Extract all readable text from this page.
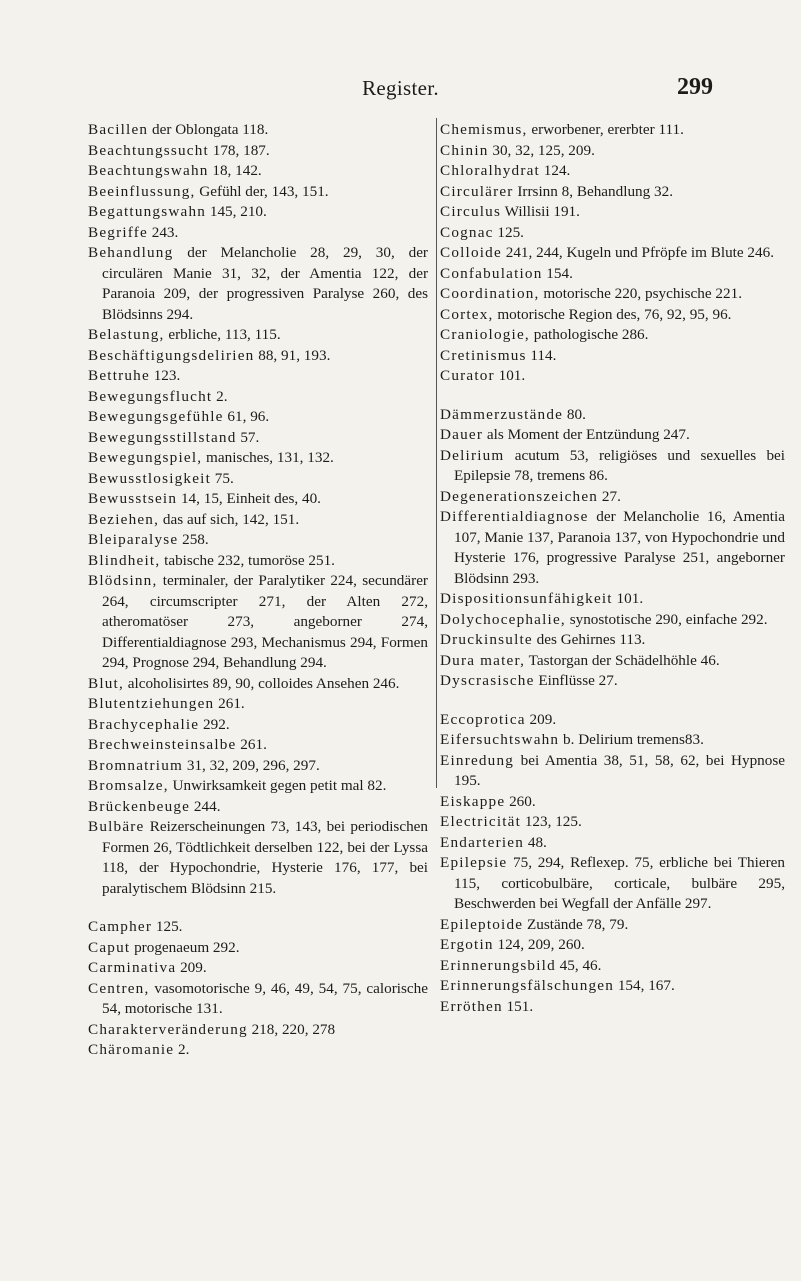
Register.	299

Bacillen der Oblongata 118.

Beachtungssucht 178, 187.

Beachtungswahn 18, 142.

Beeinflussung, Gefühl der, 143, 151.

Begattungswahn 145, 210.

Begriffe 243.

Behandlung der Melancholie 28, 29, 30, der circulären Manie 31, 32, der Amentia 122, der Paranoia 209, der progressiven Paralyse 260, des Blödsinns 294.

Belastung, erbliche, 113, 115.

Beschäftigungsdelirien 88, 91, 193.

Bettruhe 123.

Bewegungsflucht 2.

Bewegungsgefühle 61, 96.

Bewegungsstillstand 57.

Bewegungspiel, manisches, 131, 132.

Bewusstlosigkeit 75.

Bewusstsein 14, 15, Einheit des, 40.

Beziehen, das auf sich, 142, 151.

Bleiparalyse 258.

Blindheit, tabische 232, tumoröse 251.

Blödsinn, terminaler, der Paralytiker 224, secundärer 264, circumscripter 271, der Alten 272, atheromatöser 273, angeborner 274, Differentialdiagnose 293, Mechanismus 294, Formen 294, Prognose 294, Behandlung 294.

Blut, alcoholisirtes 89, 90, colloides Ansehen 246.

Blutentziehungen 261.

Brachycephalie 292.

Brechweinsteinsalbe 261.

Bromnatrium 31, 32, 209, 296, 297.

Bromsalze, Unwirksamkeit gegen petit mal 82.

Brückenbeuge 244.

Bulbäre Reizerscheinungen 73, 143, bei periodischen Formen 26, Tödtlichkeit derselben 122, bei der Lyssa 118, der Hypochondrie, Hysterie 176, 177, bei paralytischem Blödsinn 215.

Campher 125.

Caput progenaeum 292.

Carminativa 209.

Centren, vasomotorische 9, 46, 49, 54, 75, calorische 54, motorische 131.

Charakterveränderung 218, 220, 278

Chäromanie 2.

Chemismus, erworbener, ererbter 111.

Chinin 30, 32, 125, 209.

Chloralhydrat 124.

Circulärer Irrsinn 8, Behandlung 32.

Circulus Willisii 191.

Cognac 125.

Colloide 241, 244, Kugeln und Pfröpfe im Blute 246.

Confabulation 154.

Coordination, motorische 220, psychische 221.

Cortex, motorische Region des, 76, 92, 95, 96.

Craniologie, pathologische 286.

Cretinismus 114.

Curator 101.

Dämmerzustände 80.

Dauer als Moment der Entzündung 247.

Delirium acutum 53, religiöses und sexuelles bei Epilepsie 78, tremens 86.

Degenerationszeichen 27.

Differentialdiagnose der Melancholie 16, Amentia 107, Manie 137, Paranoia 137, von Hypochondrie und Hysterie 176, progressive Paralyse 251, angeborner Blödsinn 293.

Dispositionsunfähigkeit 101.

Dolychocephalie, synostotische 290, einfache 292.

Druckinsulte des Gehirnes 113.

Dura mater, Tastorgan der Schädelhöhle 46.

Dyscrasische Einflüsse 27.

Eccoprotica 209.

Eifersuchtswahn b. Delirium tremens83.

Einredung bei Amentia 38, 51, 58, 62, bei Hypnose 195.

Eiskappe 260.

Electricität 123, 125.

Endarterien 48.

Epilepsie 75, 294, Reflexep. 75, erbliche bei Thieren 115, corticobulbäre, corticale, bulbäre 295, Beschwerden bei Wegfall der Anfälle 297.

Epileptoide Zustände 78, 79.

Ergotin 124, 209, 260.

Erinnerungsbild 45, 46.

Erinnerungsfälschungen 154, 167.

Erröthen 151.
